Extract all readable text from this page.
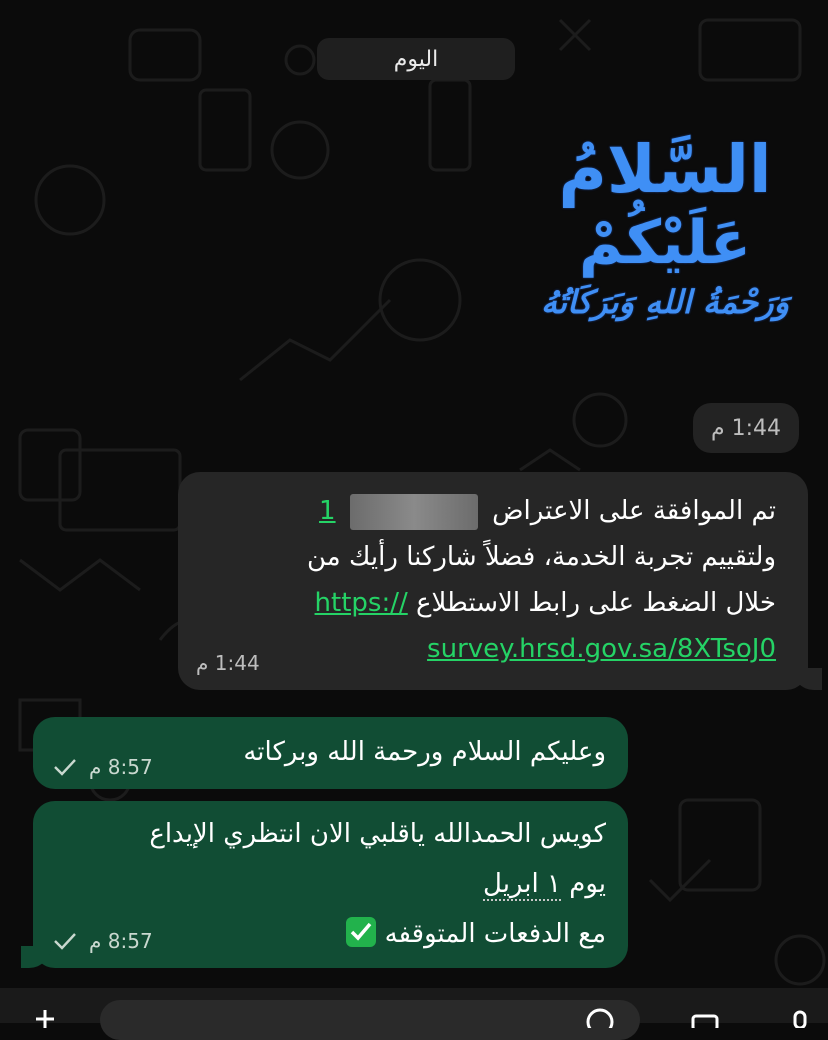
اليوم
السَّلامُ
عَلَيْكُمْ
وَرَحْمَةُ اللهِ وَبَرَكَاتُهُ
1:44 م
تم الموافقة على الاعتراض  1
ولتقييم تجربة الخدمة، فضلاً شاركنا رأيك من
خلال الضغط على رابط الاستطلاع https://
survey.hrsd.gov.sa/8XTsoJ0
1:44 م
وعليكم السلام ورحمة الله وبركاته
8:57 م
كويس الحمدالله ياقلبي الان انتظري الإيداع
يوم ١ ابريل
مع الدفعات المتوقفه
8:57 م
